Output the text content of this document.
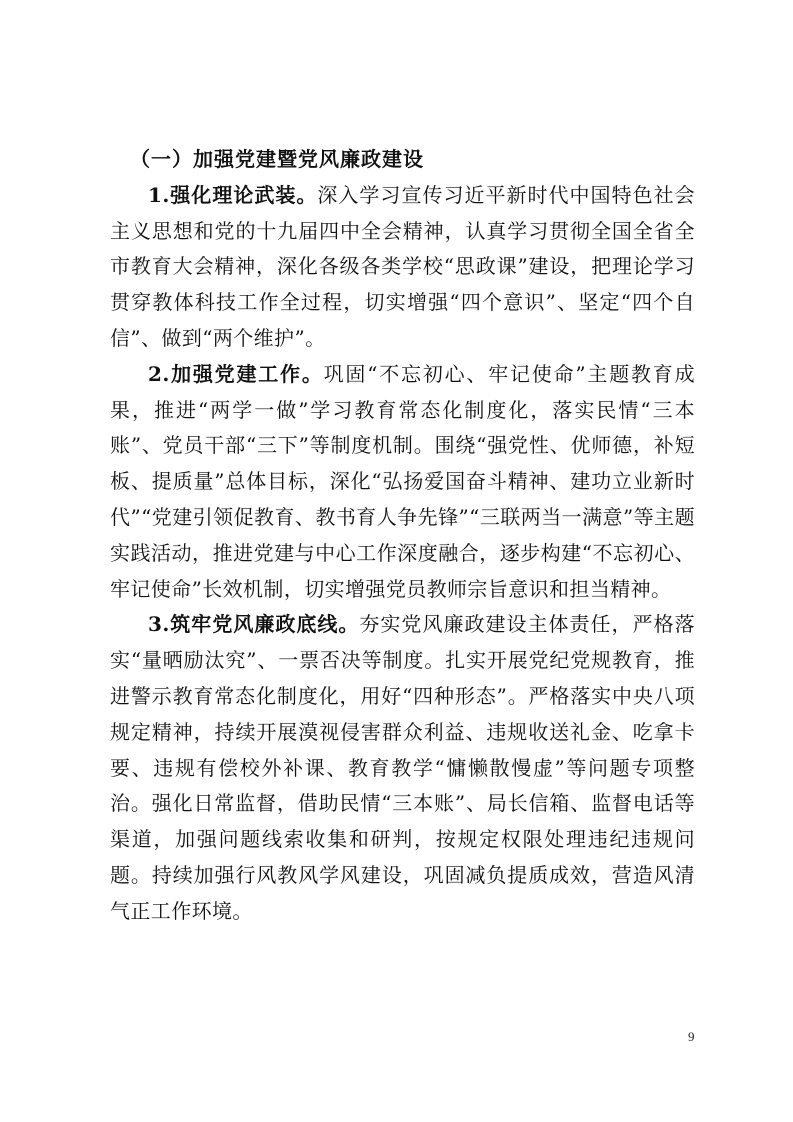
（一）加强党建暨党风廉政建设

1.强化理论武装。深入学习宣传习近平新时代中国特色社会主义思想和党的十九届四中全会精神，认真学习贯彻全国全省全市教育大会精神，深化各级各类学校“思政课”建设，把理论学习贯穿教体科技工作全过程，切实增强“四个意识”、坚定“四个自信”、做到“两个维护”。

2.加强党建工作。巩固“不忘初心、牢记使命”主题教育成果，推进“两学一做”学习教育常态化制度化，落实民情“三本账”、党员干部“三下”等制度机制。围绕“强党性、优师德，补短板、提质量”总体目标，深化“弘扬爱国奋斗精神、建功立业新时代”“党建引领促教育、教书育人争先锋”“三联两当一满意”等主题实践活动，推进党建与中心工作深度融合，逐步构建“不忘初心、牢记使命”长效机制，切实增强党员教师宗旨意识和担当精神。

3.筑牢党风廉政底线。夯实党风廉政建设主体责任，严格落实“量晒励汰究”、一票否决等制度。扎实开展党纪党规教育，推进警示教育常态化制度化，用好“四种形态”。严格落实中央八项规定精神，持续开展漠视侵害群众利益、违规收送礼金、吃拿卡要、违规有偿校外补课、教育教学“慵懒散慢虚”等问题专项整治。强化日常监督，借助民情“三本账”、局长信箱、监督电话等渠道，加强问题线索收集和研判，按规定权限处理违纪违规问题。持续加强行风教风学风建设，巩固减负提质成效，营造风清气正工作环境。

9
